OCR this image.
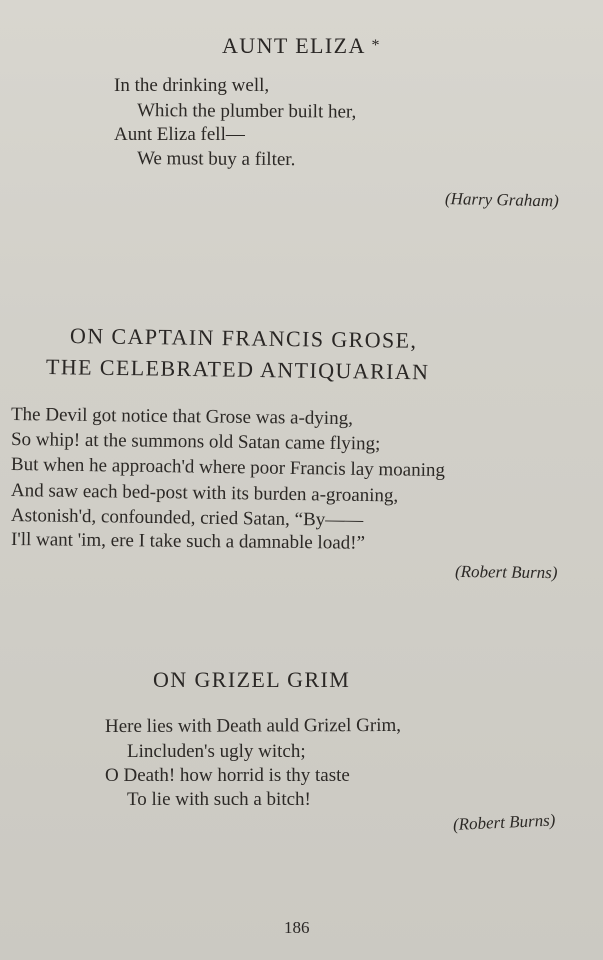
AUNT ELIZA *
In the drinking well,
Which the plumber built her,
Aunt Eliza fell—
We must buy a filter.
(Harry Graham)
ON CAPTAIN FRANCIS GROSE,
THE CELEBRATED ANTIQUARIAN
The Devil got notice that Grose was a-dying,
So whip! at the summons old Satan came flying;
But when he approach'd where poor Francis lay moaning
And saw each bed-post with its burden a-groaning,
Astonish'd, confounded, cried Satan, “By——
I'll want 'im, ere I take such a damnable load!”
(Robert Burns)
ON GRIZEL GRIM
Here lies with Death auld Grizel Grim,
Lincluden's ugly witch;
O Death! how horrid is thy taste
To lie with such a bitch!
(Robert Burns)
186
